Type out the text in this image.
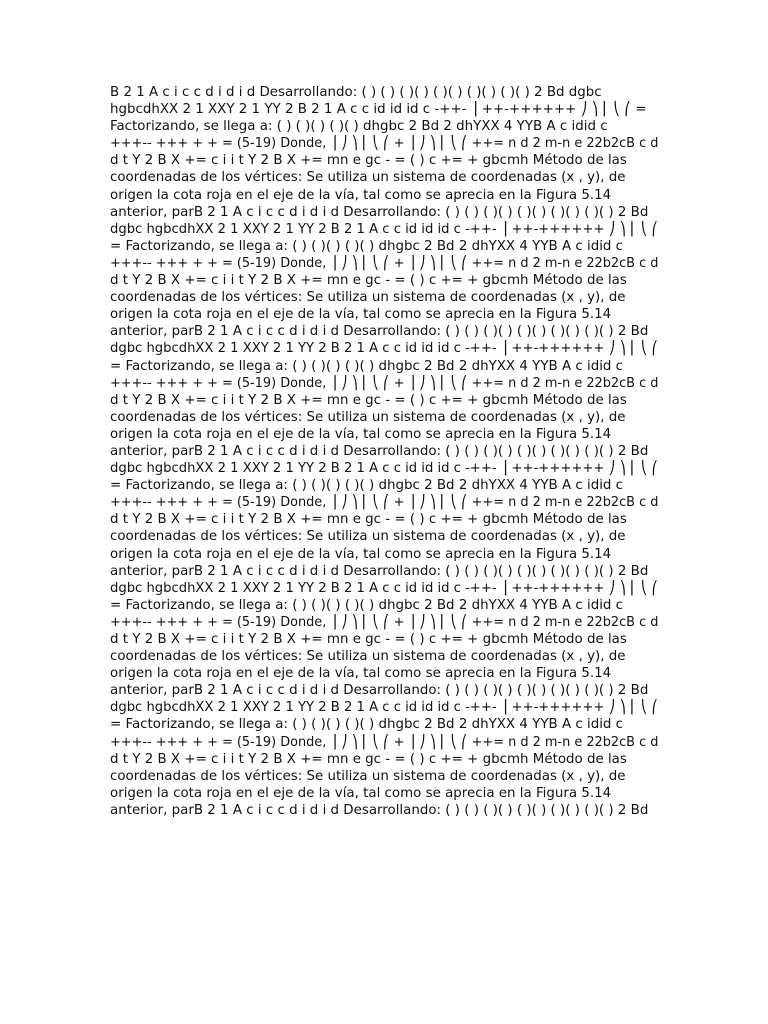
B 2 1 A c i c c d i d i d Desarrollando: ( ) ( ) ( )( ) ( )( ) ( )( ) ( )( ) 2 Bd dgbc
hgbcdhXX 2 1 XXY 2 1 YY 2 B 2 1 A c c id id id c -++- ⎟ ++-++++++ ⎠ ⎞ ⎜ ⎝ ⎛ =
Factorizando, se llega a: ( ) ( )( ) ( )( ) dhgbc 2 Bd 2 dhYXX 4 YYB A c idid c
+++-- +++ + + = (5-19) Donde, ⎟ ⎠ ⎞ ⎜ ⎝ ⎛ + ⎟ ⎠ ⎞ ⎜ ⎝ ⎛ ++= n d 2 m-n e 22b2cB c d
d t Y 2 B X += c i i t Y 2 B X += mn e gc - = ( ) c += + gbcmh Método de las
coordenadas de los vértices: Se utiliza un sistema de coordenadas (x , y), de
origen la cota roja en el eje de la vía, tal como se aprecia en la Figura 5.14
anterior, parB 2 1 A c i c c d i d i d Desarrollando: ( ) ( ) ( )( ) ( )( ) ( )( ) ( )( ) 2 Bd
dgbc hgbcdhXX 2 1 XXY 2 1 YY 2 B 2 1 A c c id id id c -++- ⎟ ++-++++++ ⎠ ⎞ ⎜ ⎝ ⎛
= Factorizando, se llega a: ( ) ( )( ) ( )( ) dhgbc 2 Bd 2 dhYXX 4 YYB A c idid c
+++-- +++ + + = (5-19) Donde, ⎟ ⎠ ⎞ ⎜ ⎝ ⎛ + ⎟ ⎠ ⎞ ⎜ ⎝ ⎛ ++= n d 2 m-n e 22b2cB c d
d t Y 2 B X += c i i t Y 2 B X += mn e gc - = ( ) c += + gbcmh Método de las
coordenadas de los vértices: Se utiliza un sistema de coordenadas (x , y), de
origen la cota roja en el eje de la vía, tal como se aprecia en la Figura 5.14
anterior, parB 2 1 A c i c c d i d i d Desarrollando: ( ) ( ) ( )( ) ( )( ) ( )( ) ( )( ) 2 Bd
dgbc hgbcdhXX 2 1 XXY 2 1 YY 2 B 2 1 A c c id id id c -++- ⎟ ++-++++++ ⎠ ⎞ ⎜ ⎝ ⎛
= Factorizando, se llega a: ( ) ( )( ) ( )( ) dhgbc 2 Bd 2 dhYXX 4 YYB A c idid c
+++-- +++ + + = (5-19) Donde, ⎟ ⎠ ⎞ ⎜ ⎝ ⎛ + ⎟ ⎠ ⎞ ⎜ ⎝ ⎛ ++= n d 2 m-n e 22b2cB c d
d t Y 2 B X += c i i t Y 2 B X += mn e gc - = ( ) c += + gbcmh Método de las
coordenadas de los vértices: Se utiliza un sistema de coordenadas (x , y), de
origen la cota roja en el eje de la vía, tal como se aprecia en la Figura 5.14
anterior, parB 2 1 A c i c c d i d i d Desarrollando: ( ) ( ) ( )( ) ( )( ) ( )( ) ( )( ) 2 Bd
dgbc hgbcdhXX 2 1 XXY 2 1 YY 2 B 2 1 A c c id id id c -++- ⎟ ++-++++++ ⎠ ⎞ ⎜ ⎝ ⎛
= Factorizando, se llega a: ( ) ( )( ) ( )( ) dhgbc 2 Bd 2 dhYXX 4 YYB A c idid c
+++-- +++ + + = (5-19) Donde, ⎟ ⎠ ⎞ ⎜ ⎝ ⎛ + ⎟ ⎠ ⎞ ⎜ ⎝ ⎛ ++= n d 2 m-n e 22b2cB c d
d t Y 2 B X += c i i t Y 2 B X += mn e gc - = ( ) c += + gbcmh Método de las
coordenadas de los vértices: Se utiliza un sistema de coordenadas (x , y), de
origen la cota roja en el eje de la vía, tal como se aprecia en la Figura 5.14
anterior, parB 2 1 A c i c c d i d i d Desarrollando: ( ) ( ) ( )( ) ( )( ) ( )( ) ( )( ) 2 Bd
dgbc hgbcdhXX 2 1 XXY 2 1 YY 2 B 2 1 A c c id id id c -++- ⎟ ++-++++++ ⎠ ⎞ ⎜ ⎝ ⎛
= Factorizando, se llega a: ( ) ( )( ) ( )( ) dhgbc 2 Bd 2 dhYXX 4 YYB A c idid c
+++-- +++ + + = (5-19) Donde, ⎟ ⎠ ⎞ ⎜ ⎝ ⎛ + ⎟ ⎠ ⎞ ⎜ ⎝ ⎛ ++= n d 2 m-n e 22b2cB c d
d t Y 2 B X += c i i t Y 2 B X += mn e gc - = ( ) c += + gbcmh Método de las
coordenadas de los vértices: Se utiliza un sistema de coordenadas (x , y), de
origen la cota roja en el eje de la vía, tal como se aprecia en la Figura 5.14
anterior, parB 2 1 A c i c c d i d i d Desarrollando: ( ) ( ) ( )( ) ( )( ) ( )( ) ( )( ) 2 Bd
dgbc hgbcdhXX 2 1 XXY 2 1 YY 2 B 2 1 A c c id id id c -++- ⎟ ++-++++++ ⎠ ⎞ ⎜ ⎝ ⎛
= Factorizando, se llega a: ( ) ( )( ) ( )( ) dhgbc 2 Bd 2 dhYXX 4 YYB A c idid c
+++-- +++ + + = (5-19) Donde, ⎟ ⎠ ⎞ ⎜ ⎝ ⎛ + ⎟ ⎠ ⎞ ⎜ ⎝ ⎛ ++= n d 2 m-n e 22b2cB c d
d t Y 2 B X += c i i t Y 2 B X += mn e gc - = ( ) c += + gbcmh Método de las
coordenadas de los vértices: Se utiliza un sistema de coordenadas (x , y), de
origen la cota roja en el eje de la vía, tal como se aprecia en la Figura 5.14
anterior, parB 2 1 A c i c c d i d i d Desarrollando: ( ) ( ) ( )( ) ( )( ) ( )( ) ( )( ) 2 Bd
